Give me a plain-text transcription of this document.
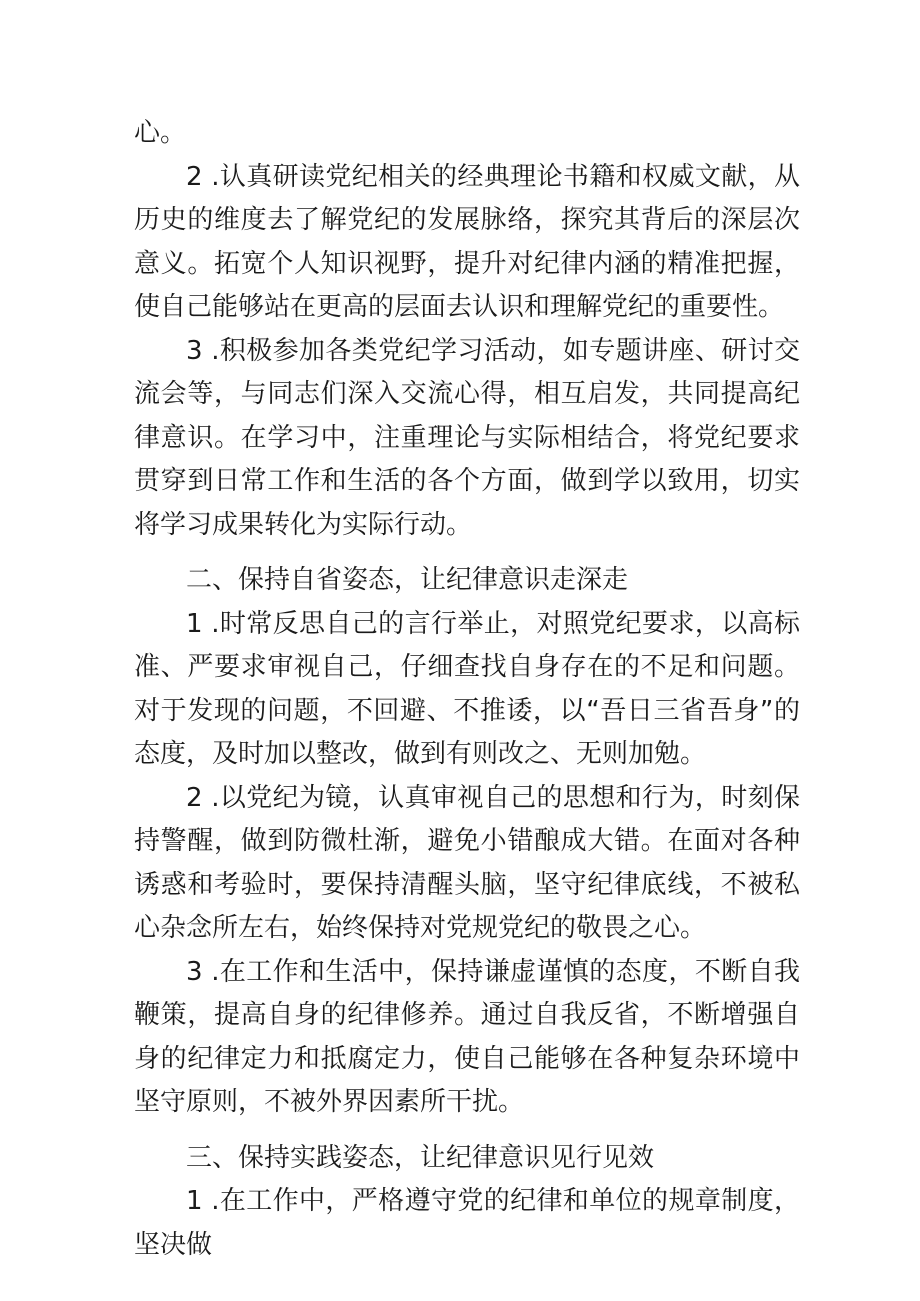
心。

2 .认真研读党纪相关的经典理论书籍和权威文献，从历史的维度去了解党纪的发展脉络，探究其背后的深层次意义。拓宽个人知识视野，提升对纪律内涵的精准把握，使自己能够站在更高的层面去认识和理解党纪的重要性。

3 .积极参加各类党纪学习活动，如专题讲座、研讨交流会等，与同志们深入交流心得，相互启发，共同提高纪律意识。在学习中，注重理论与实际相结合，将党纪要求贯穿到日常工作和生活的各个方面，做到学以致用，切实将学习成果转化为实际行动。

二、保持自省姿态，让纪律意识走深走

1 .时常反思自己的言行举止，对照党纪要求，以高标准、严要求审视自己，仔细查找自身存在的不足和问题。对于发现的问题，不回避、不推诿，以“吾日三省吾身”的态度，及时加以整改，做到有则改之、无则加勉。

2 .以党纪为镜，认真审视自己的思想和行为，时刻保持警醒，做到防微杜渐，避免小错酿成大错。在面对各种诱惑和考验时，要保持清醒头脑，坚守纪律底线，不被私心杂念所左右，始终保持对党规党纪的敬畏之心。

3 .在工作和生活中，保持谦虚谨慎的态度，不断自我鞭策，提高自身的纪律修养。通过自我反省，不断增强自身的纪律定力和抵腐定力，使自己能够在各种复杂环境中坚守原则，不被外界因素所干扰。

三、保持实践姿态，让纪律意识见行见效

1 .在工作中，严格遵守党的纪律和单位的规章制度，坚决做
